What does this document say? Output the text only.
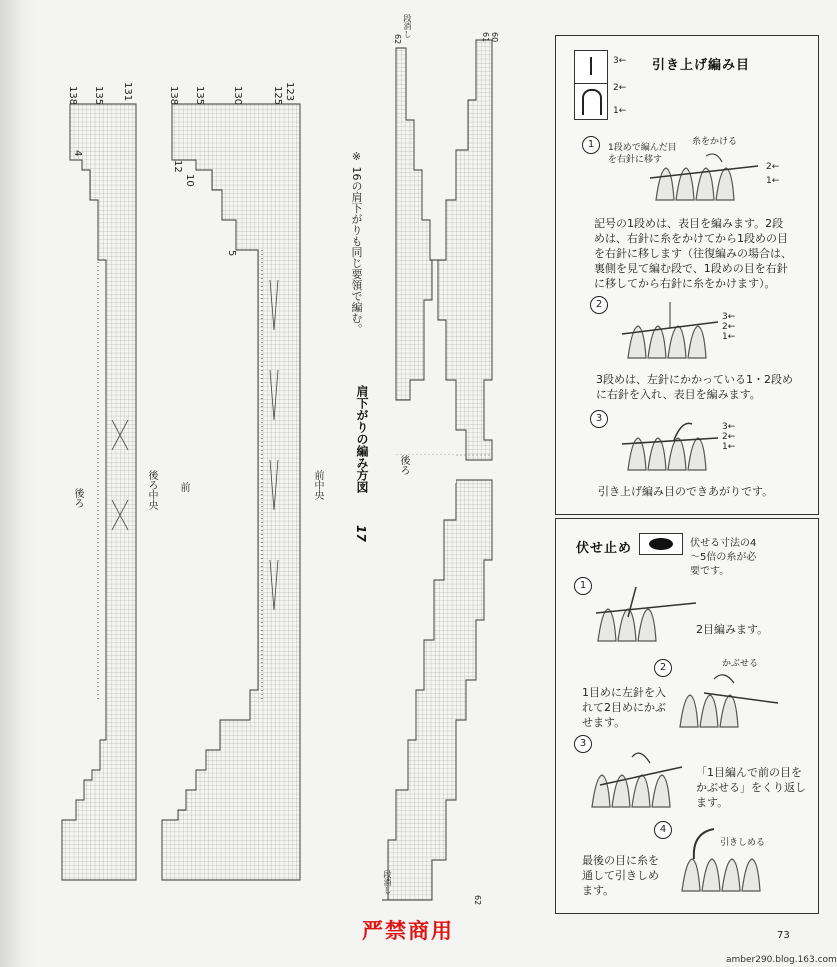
138 135 131
4
後ろ	後ろ中央
138 135	130	125 123
12
10
5
前	前中央
62
段消し	61 60
段消し
62
後ろ
※ 16の肩下がりも同じ要領で編む。
17
肩下がりの編み方図
3←
2←
1←
引き上げ編み目
1	1段めで編んだ目を右針に移す
糸をかける
2←
1←
記号の1段めは、表目を編みます。2段めは、右針に糸をかけてから1段めの目を右針に移します（往復編みの場合は、裏側を見て編む段で、1段めの目を右針に移してから右針に糸をかけます）。
2
3←
2←
1←
3段めは、左針にかかっている1・2段めに右針を入れ、表目を編みます。
3
3←
2←
1←
引き上げ編み目のできあがりです。
伏せ止め	伏せる寸法の4～5倍の糸が必要です。
1
2目編みます。
2	かぶせる
1目めに左針を入れて2目めにかぶせます。
3
「1目編んで前の目をかぶせる」をくり返します。
4
引きしめる
最後の目に糸を通して引きしめます。
严禁商用	73
amber290.blog.163.com
